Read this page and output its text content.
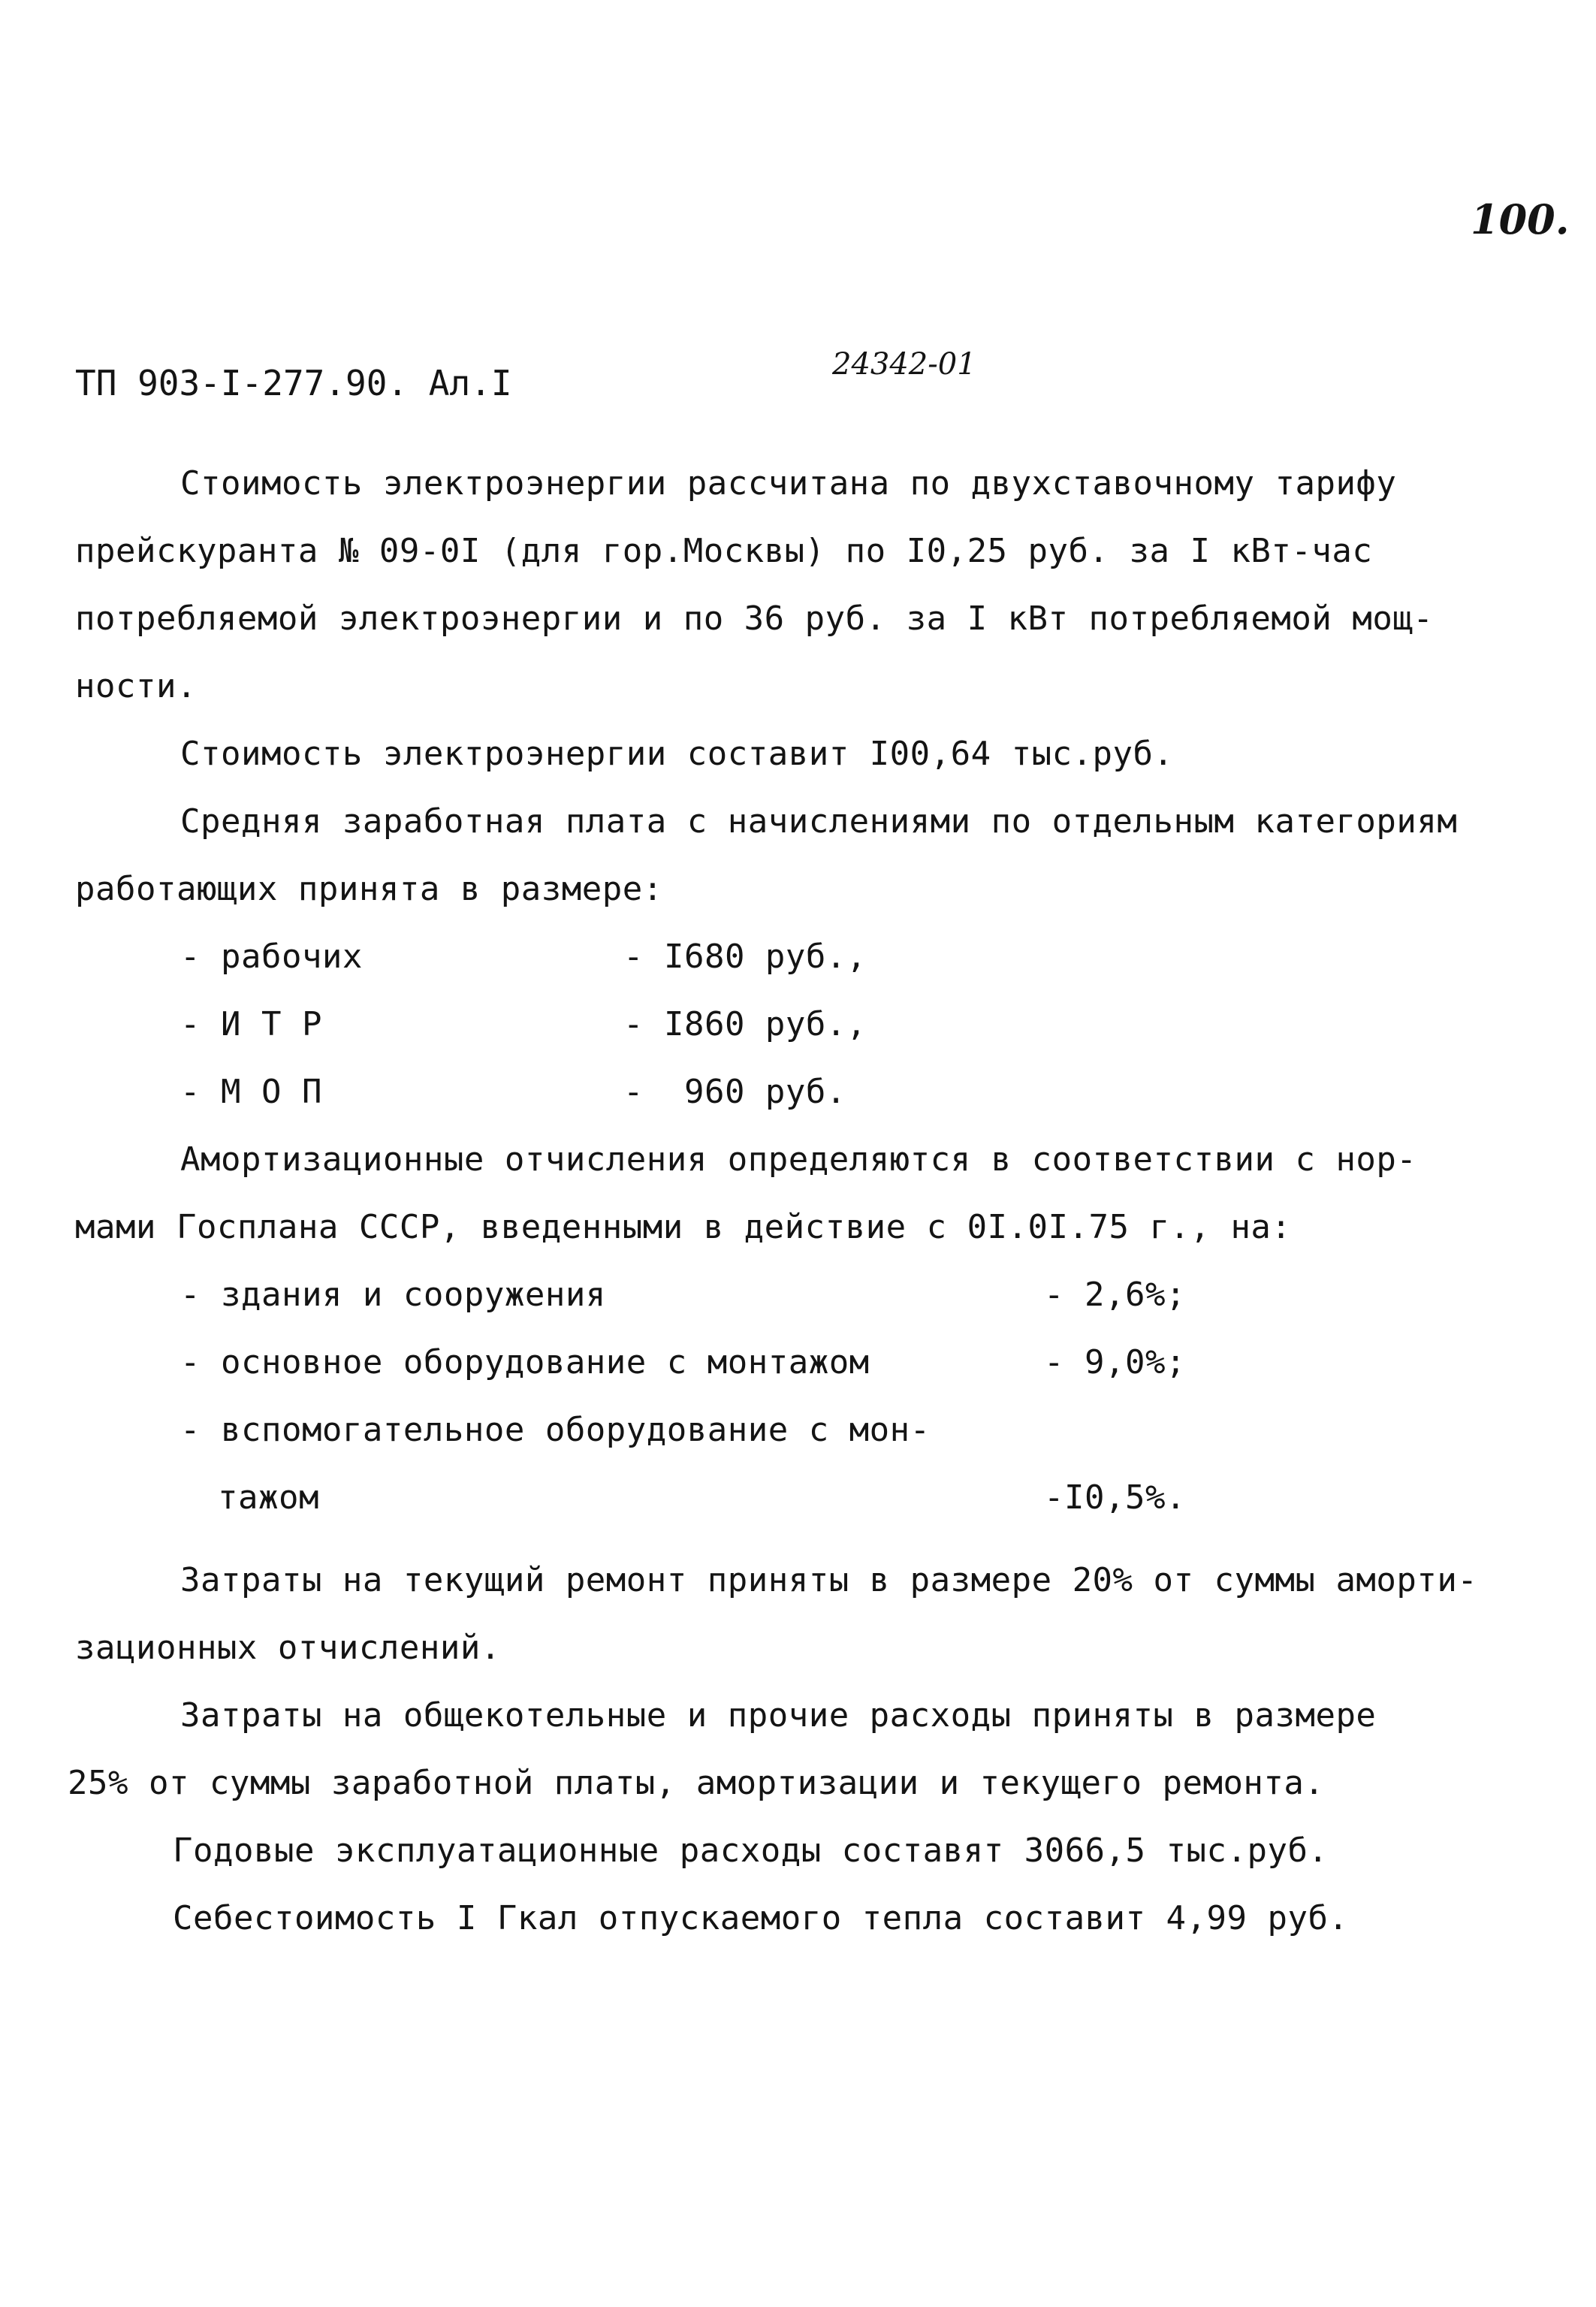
100.
ТП 903-I-277.90. Ал.I	24342-01
Стоимость электроэнергии рассчитана по двухставочному тарифу
прейскуранта № 09-0I (для гор.Москвы) по I0,25 руб. за I кВт-час
потребляемой электроэнергии и по 36 руб. за I кВт потребляемой мощ-
ности.
Стоимость электроэнергии составит I00,64 тыс.руб.
Средняя заработная плата с начислениями по отдельным категориям
работающих принята в размере:
- рабочих	- I680 руб.,
- И Т Р	- I860 руб.,
- М О П	-  960 руб.
Амортизационные отчисления определяются в соответствии с нор-
мами Госплана СССР, введенными в действие с 0I.0I.75 г., на:
- здания и сооружения	- 2,6%;
- основное оборудование с монтажом	- 9,0%;
- вспомогательное оборудование с мон-
тажом	-I0,5%.
Затраты на текущий ремонт приняты в размере 20% от суммы аморти-
зационных отчислений.
Затраты на общекотельные и прочие расходы приняты в размере
25% от суммы заработной платы, амортизации и текущего ремонта.
Годовые эксплуатационные расходы составят 3066,5 тыс.руб.
Себестоимость I Гкал отпускаемого тепла составит 4,99 руб.
